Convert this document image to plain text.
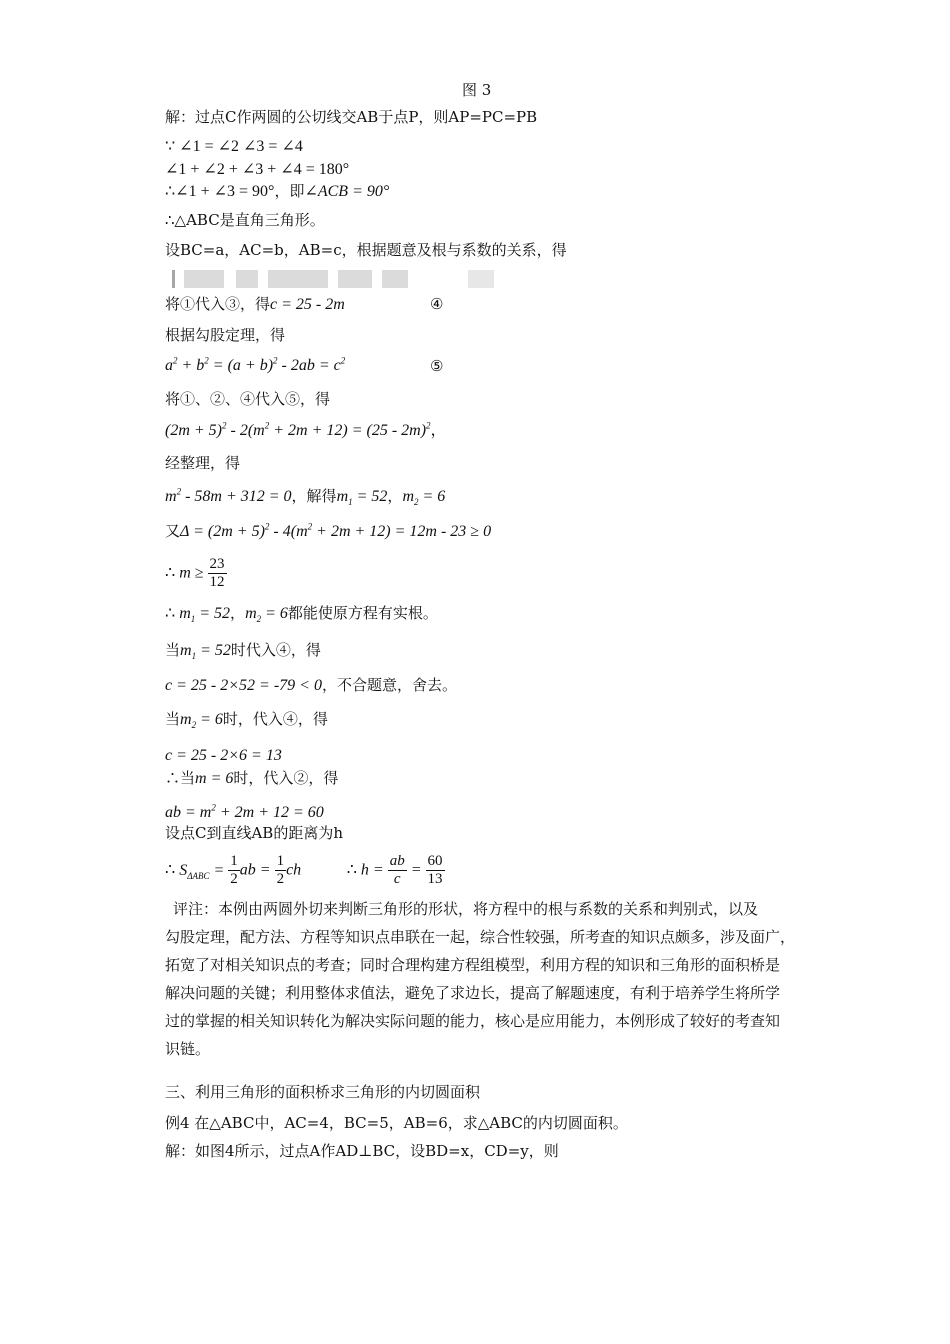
图 3
解：过点C作两圆的公切线交AB于点P，则AP=PC=PB
∵ ∠1 = ∠2 ∠3 = ∠4
∠1 + ∠2 + ∠3 + ∠4 = 180°
∴∠1 + ∠3 = 90°，即∠ACB = 90°
∴△ABC是直角三角形。
设BC=a，AC=b，AB=c，根据题意及根与系数的关系，得
将①代入③，得c = 25 - 2m	④
根据勾股定理，得
$a^2 + b^2 = (a + b)^2 - 2ab = c^2$	⑤
将①、②、④代入⑤，得
$(2m + 5)^2 - 2(m^2 + 2m + 12) = (25 - 2m)^2$，
经整理，得
$m^2 - 58m + 312 = 0$，解得$m_1 = 52$，$m_2 = 6$
又$\Delta = (2m + 5)^2 - 4(m^2 + 2m + 12) = 12m - 23 \ge 0$
∴ $m \ge \frac{23}{12}$
∴ $m_1 = 52$，$m_2 = 6$都能使原方程有实根。
当$m_1 = 52$时代入④，得
c = 25 - 2×52 = -79 < 0，不合题意，舍去。
当$m_2 = 6$时，代入④，得
c = 25 - 2×6 = 13
∴当m = 6时，代入②，得
ab = $m^2 + 2m + 12 = 60$
设点C到直线AB的距离为h
∴ $S_{\Delta ABC} = \frac{1}{2}$ ab = $\frac{1}{2}$ ch	∴ $h = \frac{ab}{c} = \frac{60}{13}$
评注：本例由两圆外切来判断三角形的形状，将方程中的根与系数的关系和判别式，以及
勾股定理，配方法、方程等知识点串联在一起，综合性较强，所考查的知识点颇多，涉及面广，
拓宽了对相关知识点的考查；同时合理构建方程组模型，利用方程的知识和三角形的面积桥是
解决问题的关键；利用整体求值法，避免了求边长，提高了解题速度，有利于培养学生将所学
过的掌握的相关知识转化为解决实际问题的能力，核心是应用能力，本例形成了较好的考查知
识链。
三、利用三角形的面积桥求三角形的内切圆面积
例4 在△ABC中，AC=4，BC=5，AB=6，求△ABC的内切圆面积。
解：如图4所示，过点A作AD⊥BC，设BD=x，CD=y，则
